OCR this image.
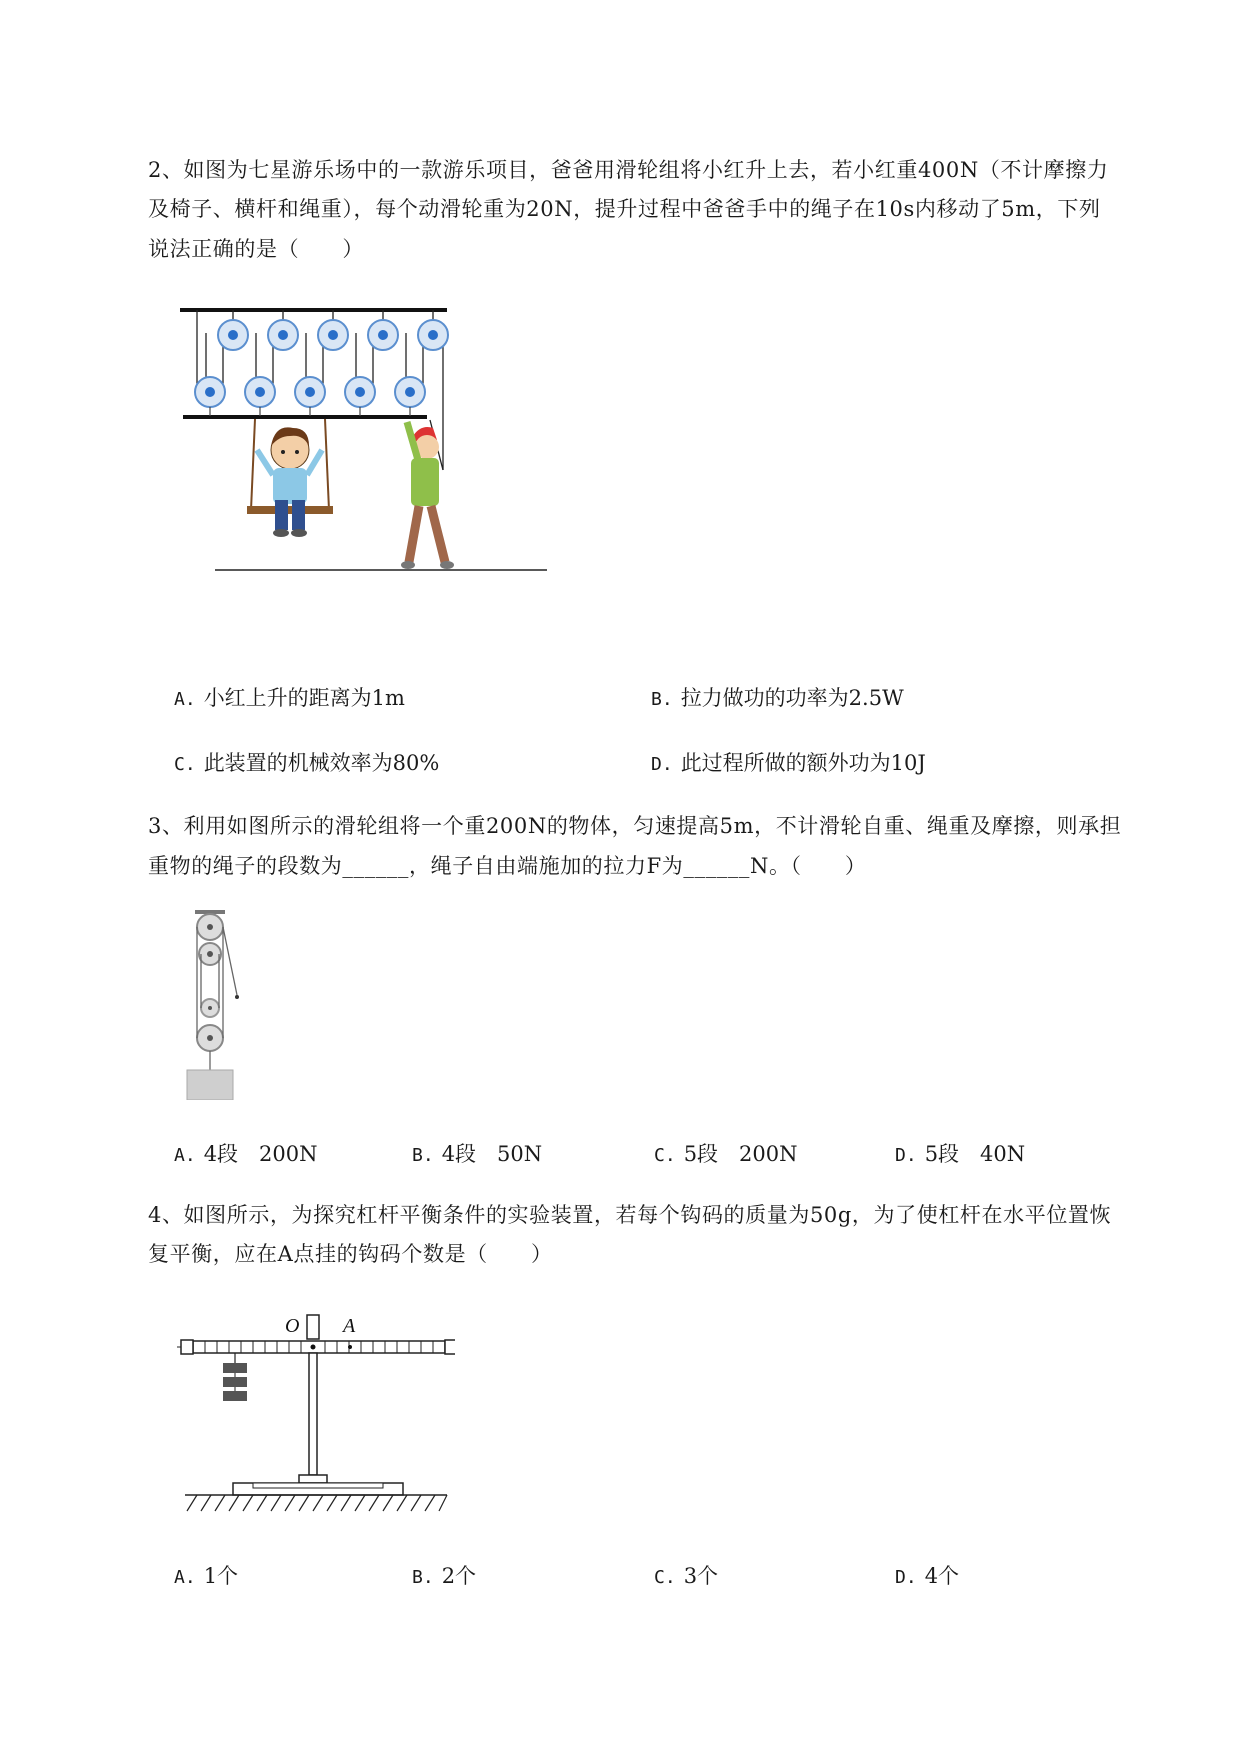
2、如图为七星游乐场中的一款游乐项目，爸爸用滑轮组将小红升上去，若小红重400N（不计摩擦力
及椅子、横杆和绳重），每个动滑轮重为20N，提升过程中爸爸手中的绳子在10s内移动了5m，下列
说法正确的是（　　）
A. 小红上升的距离为1m	B. 拉力做功的功率为2.5W
C. 此装置的机械效率为80%	D. 此过程所做的额外功为10J
3、利用如图所示的滑轮组将一个重200N的物体，匀速提高5m，不计滑轮自重、绳重及摩擦，则承担
重物的绳子的段数为______，绳子自由端施加的拉力F为______N。（　　）
A. 4段　200N	B. 4段　50N	C. 5段　200N	D. 5段　40N
4、如图所示，为探究杠杆平衡条件的实验装置，若每个钩码的质量为50g，为了使杠杆在水平位置恢
复平衡，应在A点挂的钩码个数是（　　）
O A
A. 1个	B. 2个	C. 3个	D. 4个
